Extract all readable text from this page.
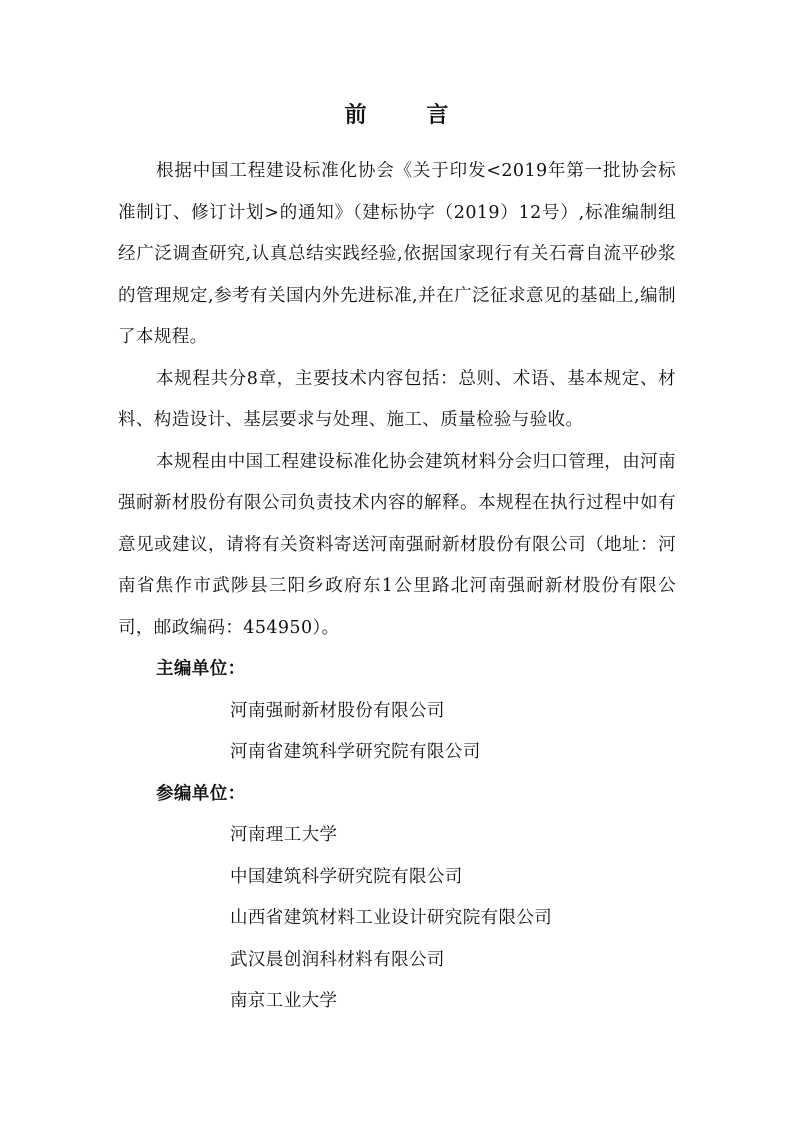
前 言

根据中国工程建设标准化协会《关于印发<2019年第一批协会标准制订、修订计划>的通知》（建标协字（2019）12号）,标准编制组经广泛调查研究,认真总结实践经验,依据国家现行有关石膏自流平砂浆的管理规定,参考有关国内外先进标准,并在广泛征求意见的基础上,编制了本规程。

本规程共分8章，主要技术内容包括：总则、术语、基本规定、材料、构造设计、基层要求与处理、施工、质量检验与验收。

本规程由中国工程建设标准化协会建筑材料分会归口管理，由河南强耐新材股份有限公司负责技术内容的解释。本规程在执行过程中如有意见或建议，请将有关资料寄送河南强耐新材股份有限公司（地址：河南省焦作市武陟县三阳乡政府东1公里路北河南强耐新材股份有限公司，邮政编码：454950）。

主编单位：

河南强耐新材股份有限公司
河南省建筑科学研究院有限公司

参编单位：

河南理工大学
中国建筑科学研究院有限公司
山西省建筑材料工业设计研究院有限公司
武汉晨创润科材料有限公司
南京工业大学
